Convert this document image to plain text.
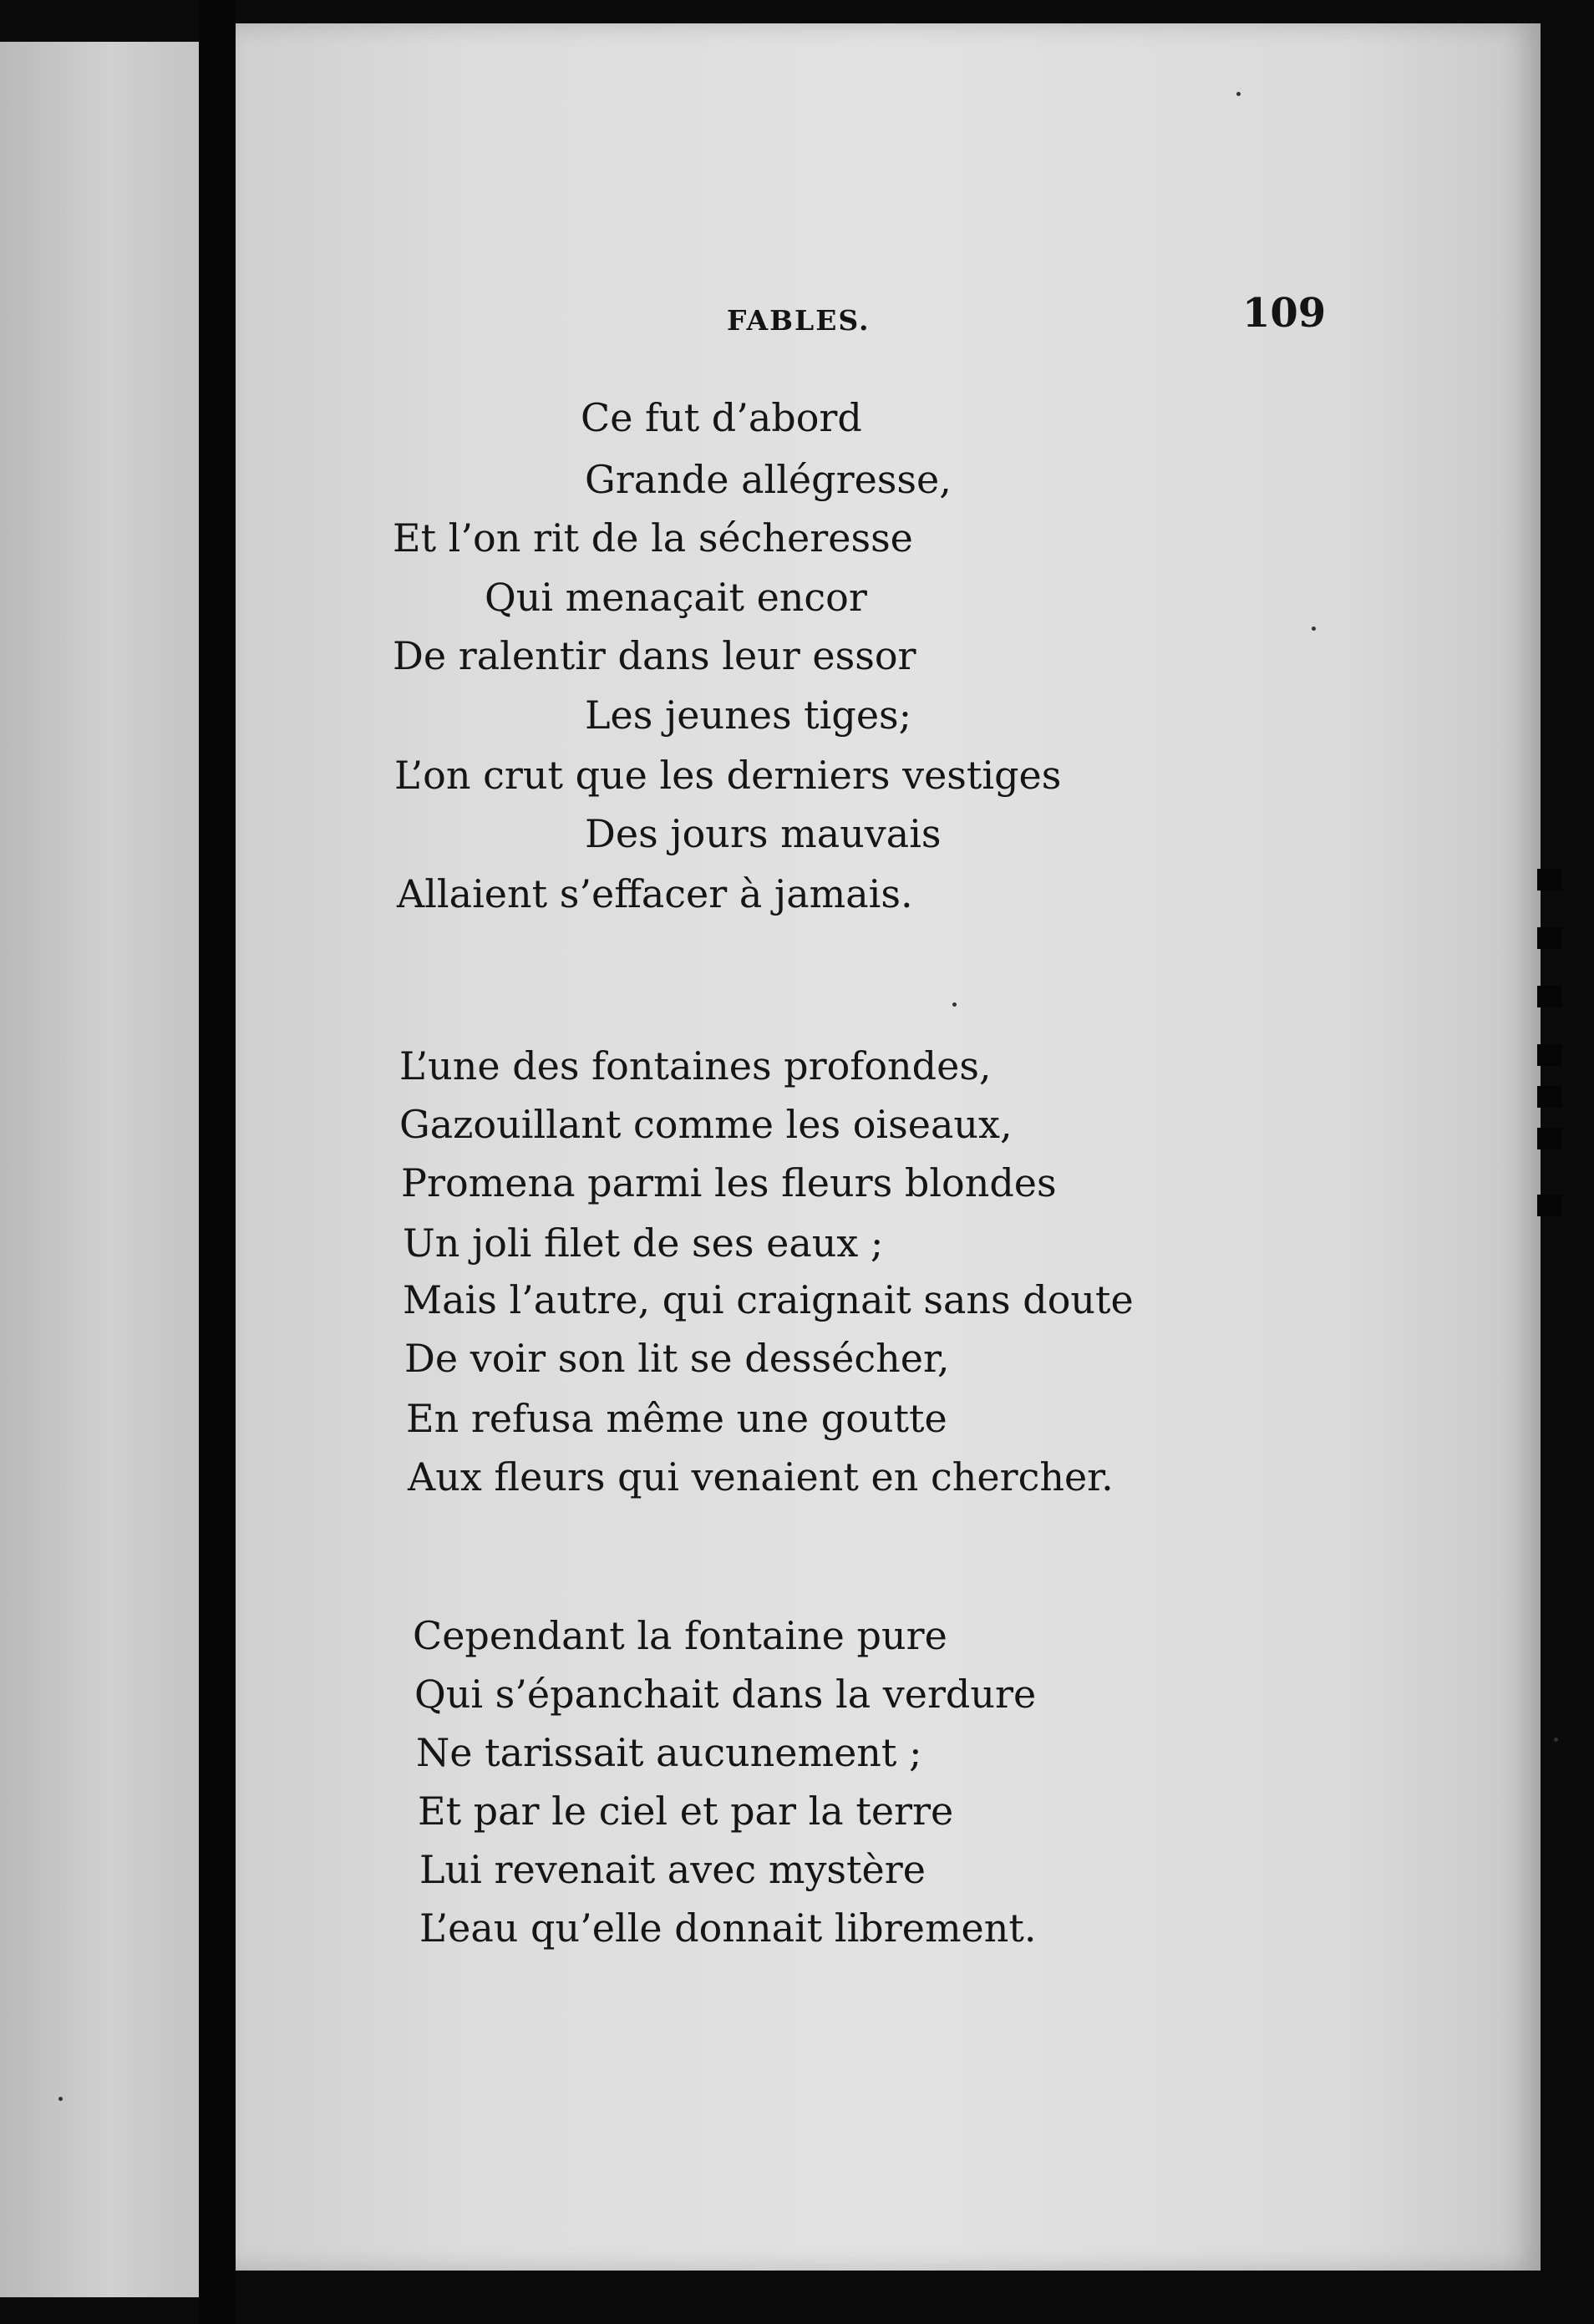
FABLES.	109
Ce fut d’abord
Grande allégresse,
Et l’on rit de la sécheresse
Qui menaçait encor
De ralentir dans leur essor
Les jeunes tiges;
L’on crut que les derniers vestiges
Des jours mauvais
Allaient s’effacer à jamais.
L’une des fontaines profondes,
Gazouillant comme les oiseaux,
Promena parmi les fleurs blondes
Un joli filet de ses eaux ;
Mais l’autre, qui craignait sans doute
De voir son lit se dessécher,
En refusa même une goutte
Aux fleurs qui venaient en chercher.
Cependant la fontaine pure
Qui s’épanchait dans la verdure
Ne tarissait aucunement ;
Et par le ciel et par la terre
Lui revenait avec mystère
L’eau qu’elle donnait librement.
